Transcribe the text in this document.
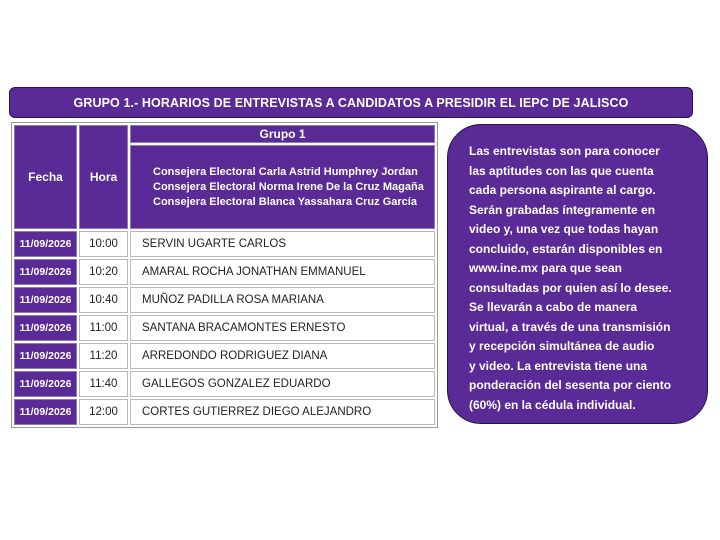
GRUPO 1.- HORARIOS DE ENTREVISTAS A CANDIDATOS A PRESIDIR EL IEPC DE JALISCO
Fecha	Hora	Grupo 1

		Consejera Electoral Carla Astrid Humphrey Jordan
Consejera Electoral Norma Irene De la Cruz Magaña
Consejera Electoral Blanca Yassahara Cruz García

11/09/2026	10:00	SERVIN UGARTE CARLOS
11/09/2026	10:20	AMARAL ROCHA JONATHAN EMMANUEL
11/09/2026	10:40	MUÑOZ PADILLA ROSA MARIANA
11/09/2026	11:00	SANTANA BRACAMONTES ERNESTO
11/09/2026	11:20	ARREDONDO RODRIGUEZ DIANA
11/09/2026	11:40	GALLEGOS GONZALEZ EDUARDO
11/09/2026	12:00	CORTES GUTIERREZ DIEGO ALEJANDRO
Las entrevistas son para conocer
las aptitudes con las que cuenta
cada persona aspirante al cargo.
Serán grabadas íntegramente en
video y, una vez que todas hayan
concluido, estarán disponibles en
www.ine.mx para que sean
consultadas por quien así lo desee.
Se llevarán a cabo de manera
virtual, a través de una transmisión
y recepción simultánea de audio
y video. La entrevista tiene una
ponderación del sesenta por ciento
(60%) en la cédula individual.
